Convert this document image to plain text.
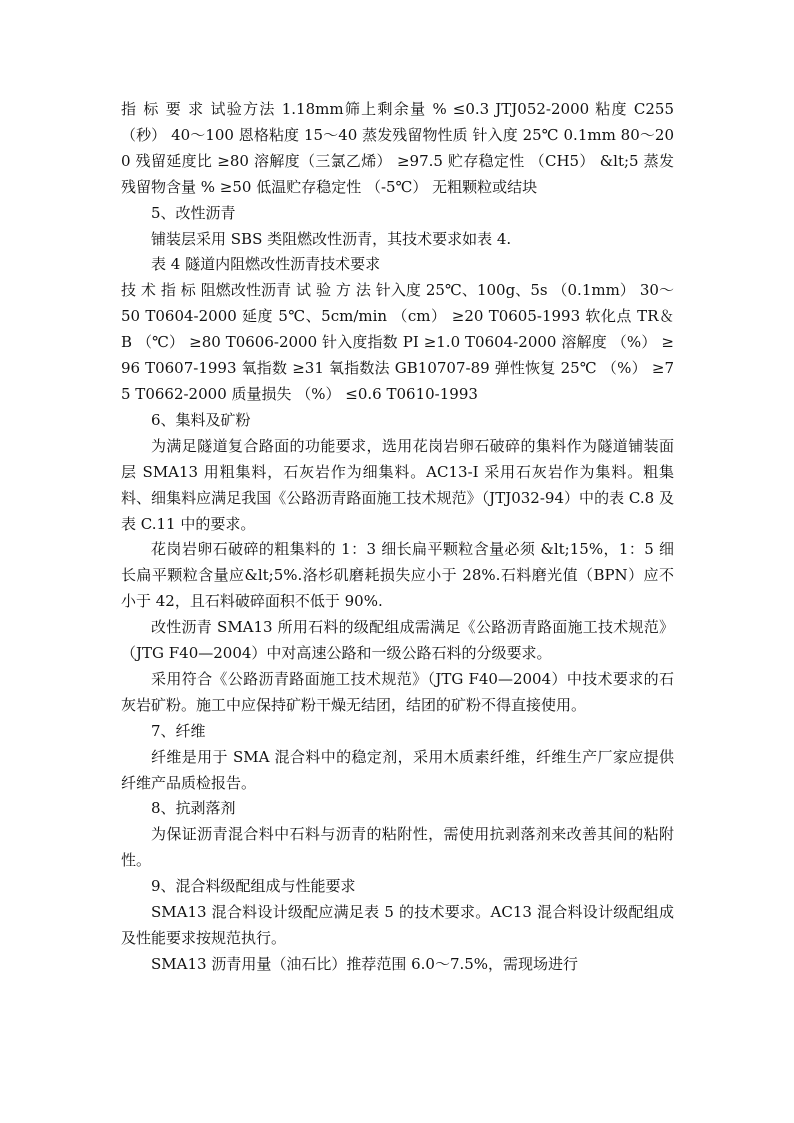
指 标 要 求 试验方法 1.18mm筛上剩余量 % ≤0.3 JTJ052-2000 粘度 C255 （秒） 40～100 恩格粘度 15～40 蒸发残留物性质 针入度 25℃ 0.1mm 80～200 残留延度比 ≥80 溶解度（三氯乙烯） ≥97.5 贮存稳定性 （CH5） &lt;5 蒸发残留物含量 % ≥50 低温贮存稳定性 （-5℃） 无粗颗粒或结块

5、改性沥青

铺装层采用 SBS 类阻燃改性沥青，其技术要求如表 4.

表 4 隧道内阻燃改性沥青技术要求

技 术 指 标 阻燃改性沥青 试 验 方 法 针入度 25℃、100g、5s （0.1mm） 30～50 T0604-2000 延度 5℃、5cm/min （cm） ≥20 T0605-1993 软化点 TR＆B （℃） ≥80 T0606-2000 针入度指数 PI ≥1.0 T0604-2000 溶解度 （%） ≥96 T0607-1993 氧指数 ≥31 氧指数法 GB10707-89 弹性恢复 25℃ （%） ≥75 T0662-2000 质量损失 （%） ≤0.6 T0610-1993

6、集料及矿粉

为满足隧道复合路面的功能要求，选用花岗岩卵石破碎的集料作为隧道铺装面层 SMA13 用粗集料，石灰岩作为细集料。AC13-I 采用石灰岩作为集料。粗集料、细集料应满足我国《公路沥青路面施工技术规范》（JTJ032-94）中的表 C.8 及表 C.11 中的要求。

花岗岩卵石破碎的粗集料的 1：3 细长扁平颗粒含量必须 &lt;15%，1：5 细长扁平颗粒含量应&lt;5%.洛杉矶磨耗损失应小于 28%.石料磨光值（BPN）应不小于 42，且石料破碎面积不低于 90%.

改性沥青 SMA13 所用石料的级配组成需满足《公路沥青路面施工技术规范》（JTG F40—2004）中对高速公路和一级公路石料的分级要求。

采用符合《公路沥青路面施工技术规范》（JTG F40—2004）中技术要求的石灰岩矿粉。施工中应保持矿粉干燥无结团，结团的矿粉不得直接使用。

7、纤维

纤维是用于 SMA 混合料中的稳定剂，采用木质素纤维，纤维生产厂家应提供纤维产品质检报告。

8、抗剥落剂

为保证沥青混合料中石料与沥青的粘附性，需使用抗剥落剂来改善其间的粘附性。

9、混合料级配组成与性能要求

SMA13 混合料设计级配应满足表 5 的技术要求。AC13 混合料设计级配组成及性能要求按规范执行。

SMA13 沥青用量（油石比）推荐范围 6.0～7.5%，需现场进行
